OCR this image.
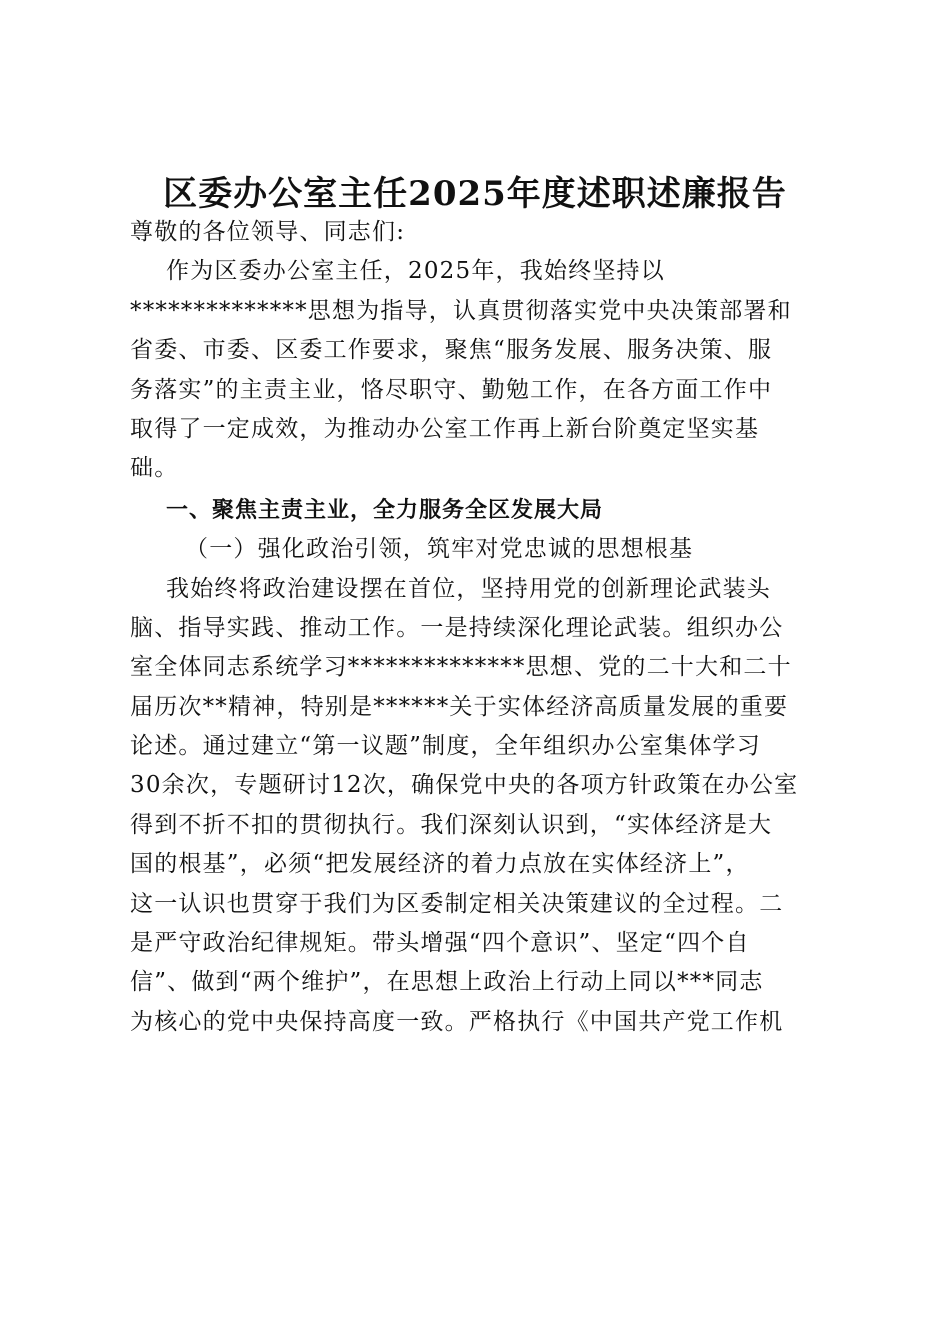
区委办公室主任2025年度述职述廉报告
尊敬的各位领导、同志们:
作为区委办公室主任，2025年，我始终坚持以
**************思想为指导，认真贯彻落实党中央决策部署和
省委、市委、区委工作要求，聚焦“服务发展、服务决策、服
务落实”的主责主业，恪尽职守、勤勉工作，在各方面工作中
取得了一定成效，为推动办公室工作再上新台阶奠定坚实基
础。
一、聚焦主责主业，全力服务全区发展大局
（一）强化政治引领，筑牢对党忠诚的思想根基
我始终将政治建设摆在首位，坚持用党的创新理论武装头
脑、指导实践、推动工作。一是持续深化理论武装。组织办公
室全体同志系统学习**************思想、党的二十大和二十
届历次**精神，特别是******关于实体经济高质量发展的重要
论述。通过建立“第一议题”制度，全年组织办公室集体学习
30余次，专题研讨12次，确保党中央的各项方针政策在办公室
得到不折不扣的贯彻执行。我们深刻认识到，“实体经济是大
国的根基”，必须“把发展经济的着力点放在实体经济上”，
这一认识也贯穿于我们为区委制定相关决策建议的全过程。二
是严守政治纪律规矩。带头增强“四个意识”、坚定“四个自
信”、做到“两个维护”，在思想上政治上行动上同以***同志
为核心的党中央保持高度一致。严格执行《中国共产党工作机
